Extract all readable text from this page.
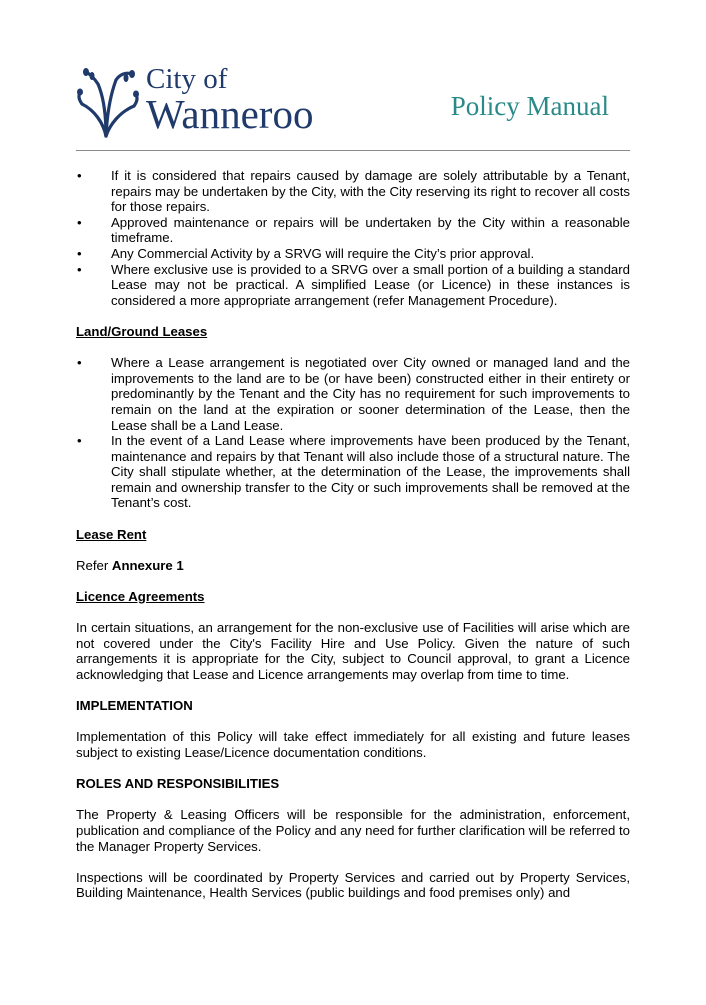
City of
Wanneroo	Policy Manual
• If it is considered that repairs caused by damage are solely attributable by a Tenant, repairs may be undertaken by the City, with the City reserving its right to recover all costs for those repairs.
• Approved maintenance or repairs will be undertaken by the City within a reasonable timeframe.
• Any Commercial Activity by a SRVG will require the City’s prior approval.
• Where exclusive use is provided to a SRVG over a small portion of a building a standard Lease may not be practical. A simplified Lease (or Licence) in these instances is considered a more appropriate arrangement (refer Management Procedure).

Land/Ground Leases

• Where a Lease arrangement is negotiated over City owned or managed land and the improvements to the land are to be (or have been) constructed either in their entirety or predominantly by the Tenant and the City has no requirement for such improvements to remain on the land at the expiration or sooner determination of the Lease, then the Lease shall be a Land Lease.
• In the event of a Land Lease where improvements have been produced by the Tenant, maintenance and repairs by that Tenant will also include those of a structural nature. The City shall stipulate whether, at the determination of the Lease, the improvements shall remain and ownership transfer to the City or such improvements shall be removed at the Tenant’s cost.

Lease Rent

Refer Annexure 1

Licence Agreements

In certain situations, an arrangement for the non-exclusive use of Facilities will arise which are not covered under the City's Facility Hire and Use Policy. Given the nature of such arrangements it is appropriate for the City, subject to Council approval, to grant a Licence acknowledging that Lease and Licence arrangements may overlap from time to time.

IMPLEMENTATION

Implementation of this Policy will take effect immediately for all existing and future leases subject to existing Lease/Licence documentation conditions.

ROLES AND RESPONSIBILITIES

The Property & Leasing Officers will be responsible for the administration, enforcement, publication and compliance of the Policy and any need for further clarification will be referred to the Manager Property Services.

Inspections will be coordinated by Property Services and carried out by Property Services, Building Maintenance, Health Services (public buildings and food premises only) and
